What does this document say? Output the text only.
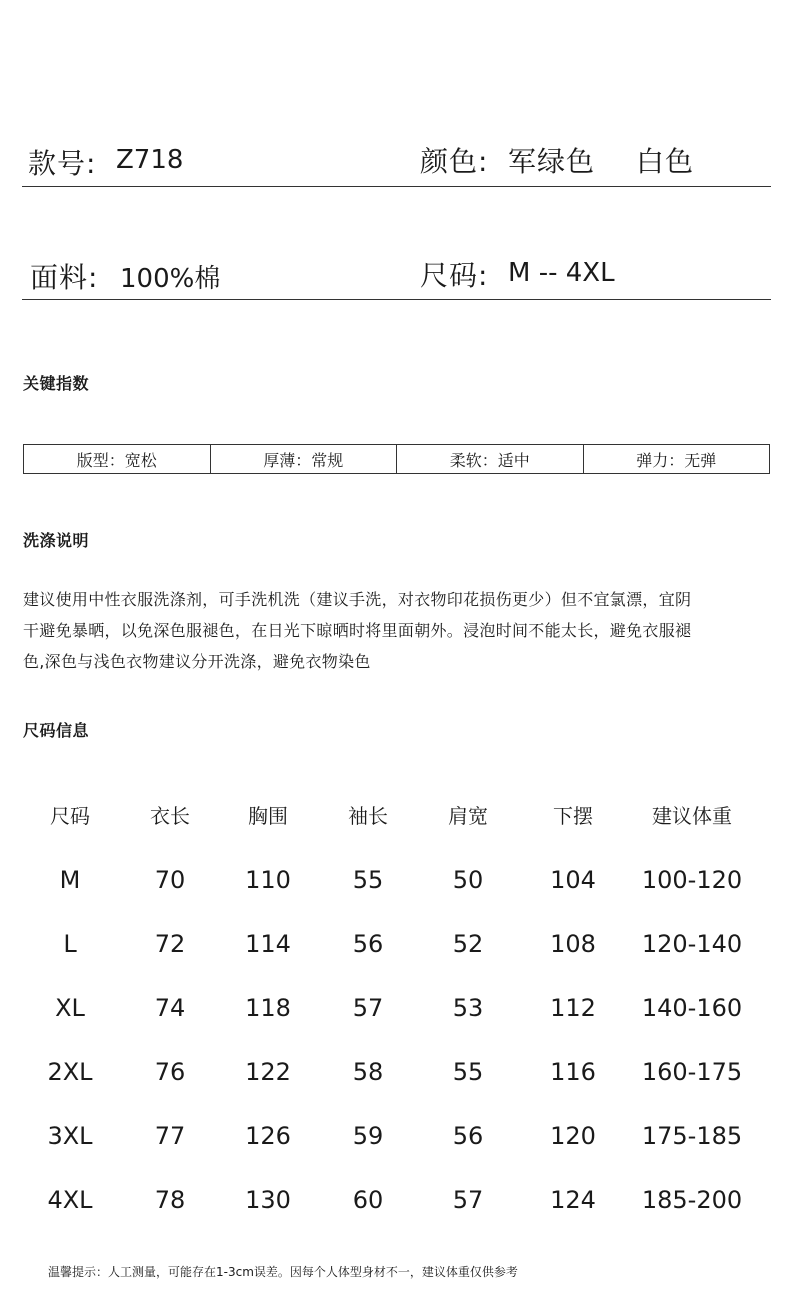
款号: Z718	颜色: 军绿色 白色
面料: 100%棉	尺码: M -- 4XL
关键指数
版型：宽松	厚薄：常规	柔软：适中	弹力：无弹
洗涤说明
建议使用中性衣服洗涤剂，可手洗机洗（建议手洗，对衣物印花损伤更少）但不宜氯漂，宜阴
干避免暴晒，以免深色服褪色，在日光下晾晒时将里面朝外。浸泡时间不能太长，避免衣服褪
色,深色与浅色衣物建议分开洗涤，避免衣物染色
尺码信息
尺码	衣长	胸围	袖长	肩宽	下摆	建议体重
M	70	110	55	50	104	100-120
L	72	114	56	52	108	120-140
XL	74	118	57	53	112	140-160
2XL	76	122	58	55	116	160-175
3XL	77	126	59	56	120	175-185
4XL	78	130	60	57	124	185-200
温馨提示：人工测量，可能存在1-3cm误差。因每个人体型身材不一，建议体重仅供参考
